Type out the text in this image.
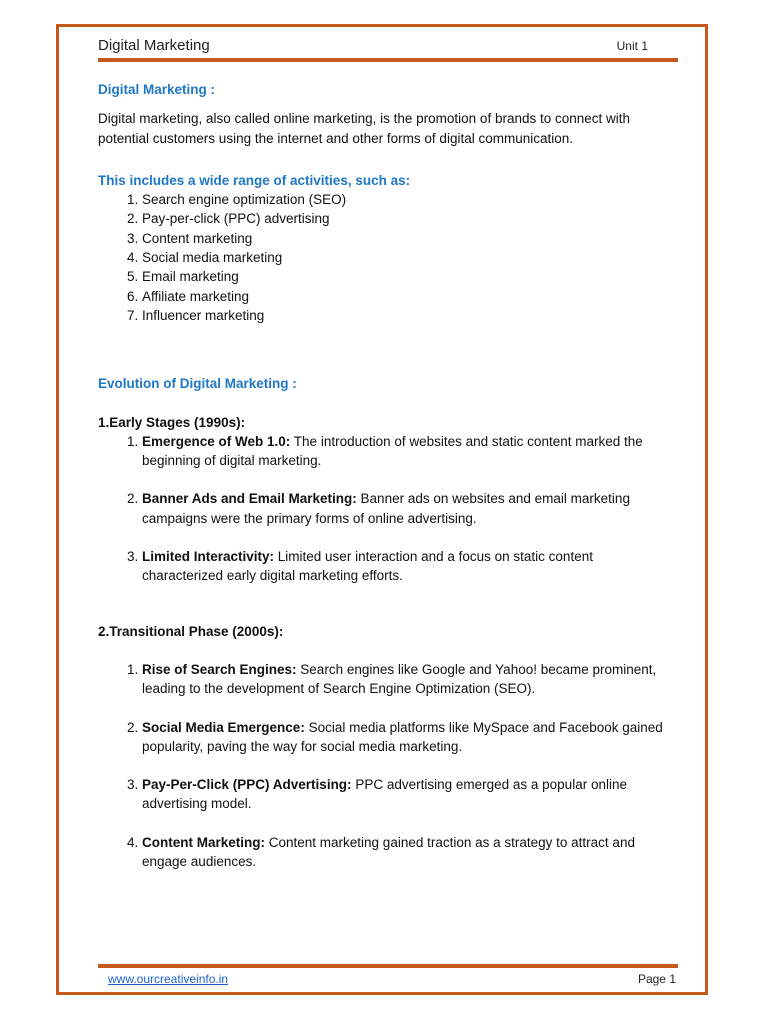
Digital Marketing	Unit 1

Digital Marketing :

Digital marketing, also called online marketing, is the promotion of brands to connect with potential customers using the internet and other forms of digital communication.

This includes a wide range of activities, such as:

1. Search engine optimization (SEO)
2. Pay-per-click (PPC) advertising
3. Content marketing
4. Social media marketing
5. Email marketing
6. Affiliate marketing
7. Influencer marketing

Evolution of Digital Marketing :

1.Early Stages (1990s):

1. Emergence of Web 1.0: The introduction of websites and static content marked the beginning of digital marketing.
2. Banner Ads and Email Marketing: Banner ads on websites and email marketing campaigns were the primary forms of online advertising.
3. Limited Interactivity: Limited user interaction and a focus on static content characterized early digital marketing efforts.

2.Transitional Phase (2000s):

1. Rise of Search Engines: Search engines like Google and Yahoo! became prominent, leading to the development of Search Engine Optimization (SEO).
2. Social Media Emergence: Social media platforms like MySpace and Facebook gained popularity, paving the way for social media marketing.
3. Pay-Per-Click (PPC) Advertising: PPC advertising emerged as a popular online advertising model.
4. Content Marketing: Content marketing gained traction as a strategy to attract and engage audiences.
www.ourcreativeinfo.in	Page 1
